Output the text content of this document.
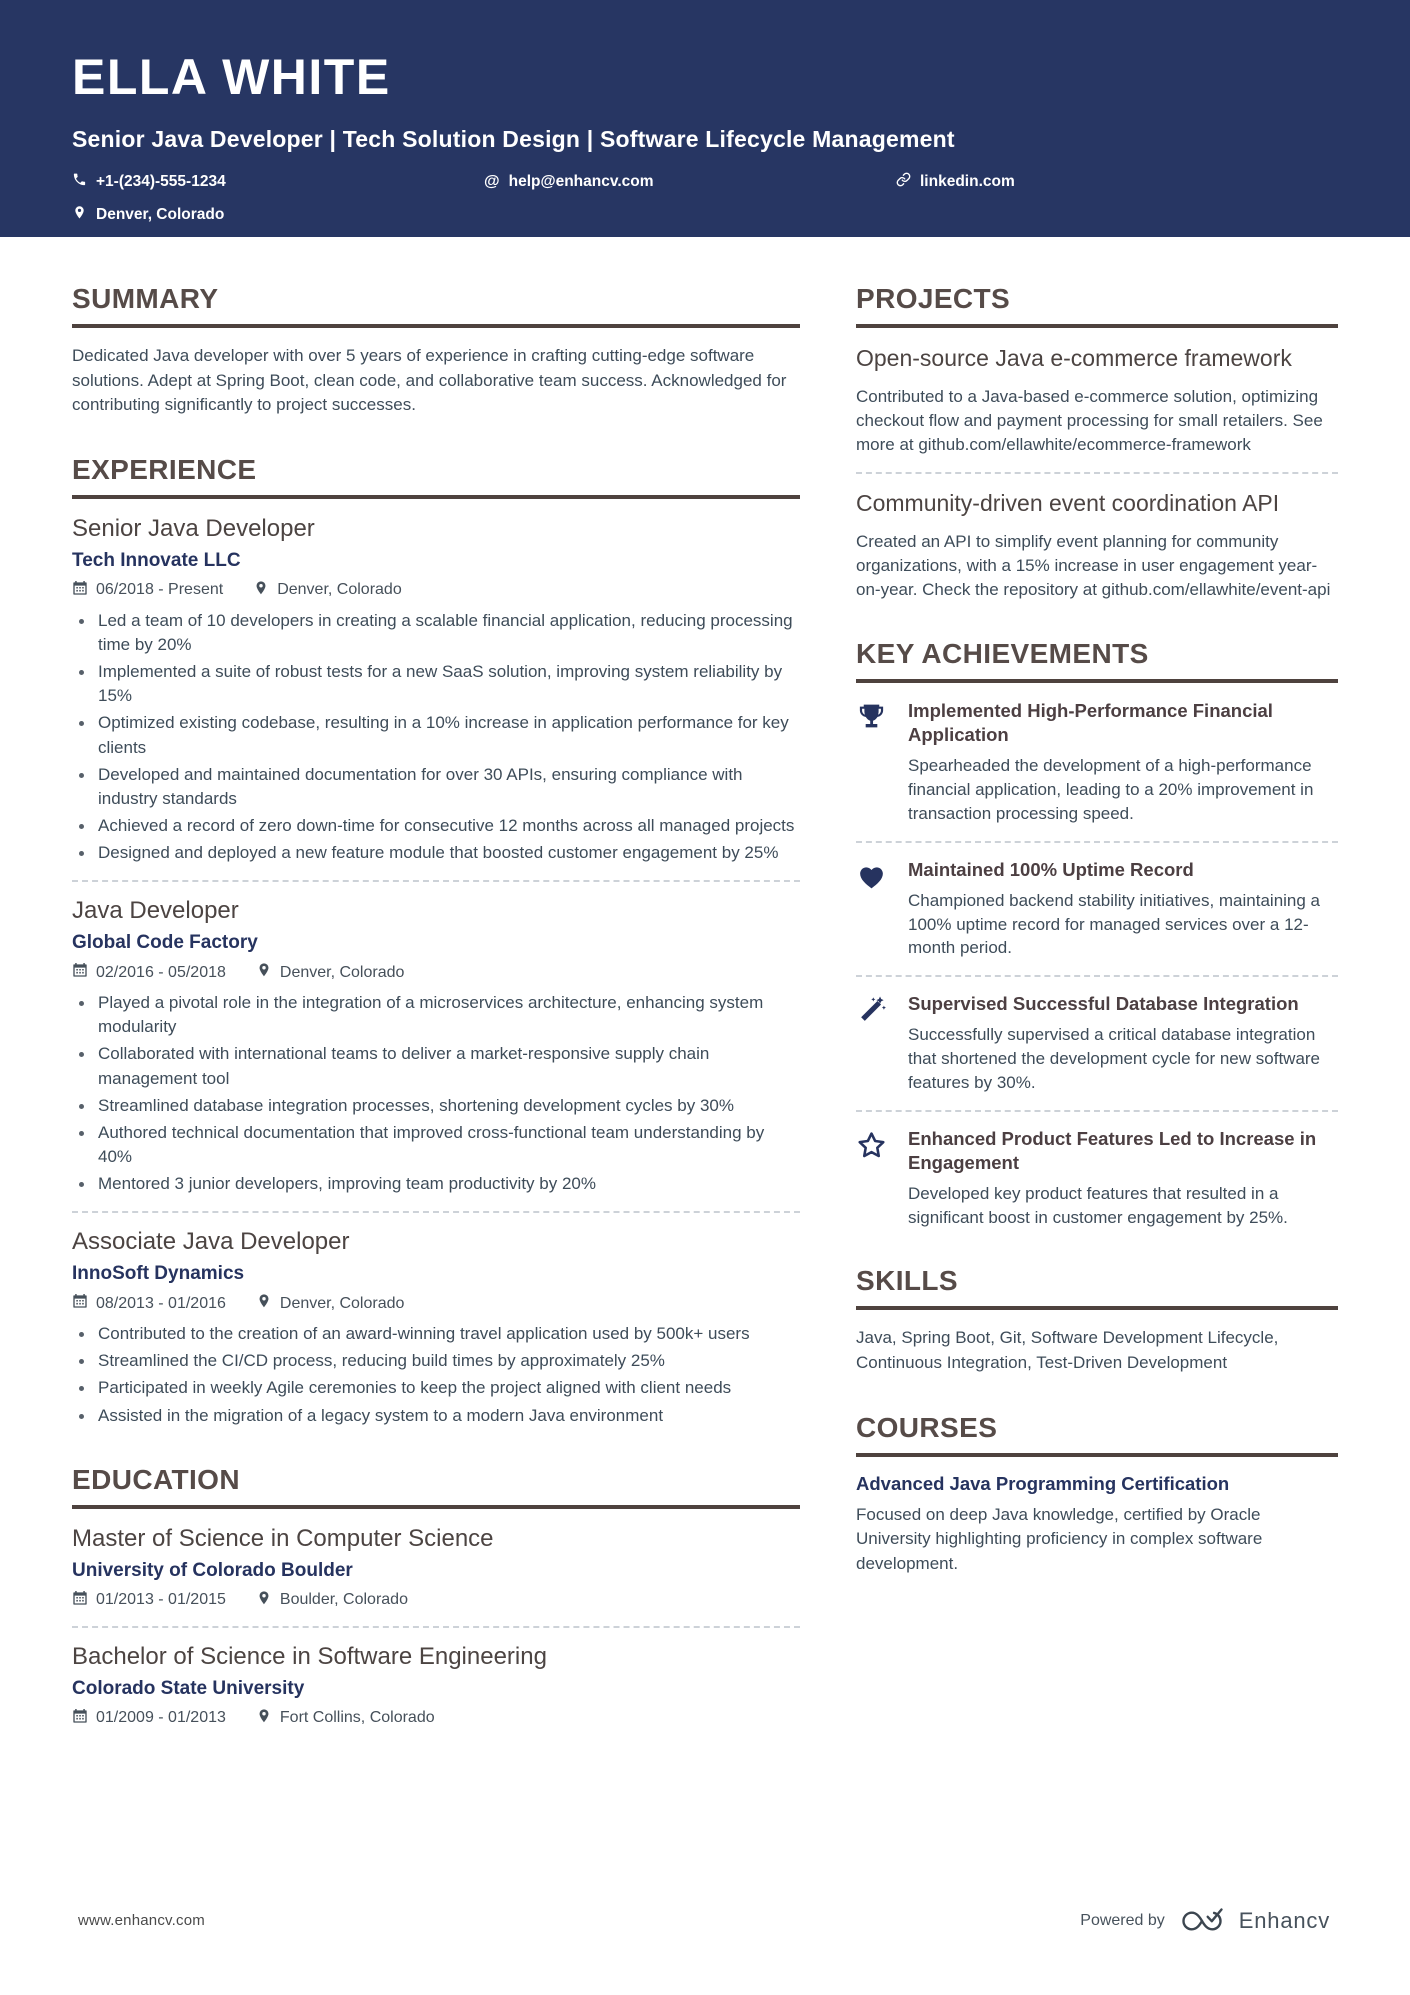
ELLA WHITE
Senior Java Developer | Tech Solution Design | Software Lifecycle Management
+1-(234)-555-1234	@ help@enhancv.com	linkedin.com
Denver, Colorado
SUMMARY
Dedicated Java developer with over 5 years of experience in crafting cutting-edge software solutions. Adept at Spring Boot, clean code, and collaborative team success. Acknowledged for contributing significantly to project successes.
EXPERIENCE
Senior Java Developer
Tech Innovate LLC
06/2018 - Present	Denver, Colorado
Led a team of 10 developers in creating a scalable financial application, reducing processing time by 20%
Implemented a suite of robust tests for a new SaaS solution, improving system reliability by 15%
Optimized existing codebase, resulting in a 10% increase in application performance for key clients
Developed and maintained documentation for over 30 APIs, ensuring compliance with industry standards
Achieved a record of zero down-time for consecutive 12 months across all managed projects
Designed and deployed a new feature module that boosted customer engagement by 25%
Java Developer
Global Code Factory
02/2016 - 05/2018	Denver, Colorado
Played a pivotal role in the integration of a microservices architecture, enhancing system modularity
Collaborated with international teams to deliver a market-responsive supply chain management tool
Streamlined database integration processes, shortening development cycles by 30%
Authored technical documentation that improved cross-functional team understanding by 40%
Mentored 3 junior developers, improving team productivity by 20%
Associate Java Developer
InnoSoft Dynamics
08/2013 - 01/2016	Denver, Colorado
Contributed to the creation of an award-winning travel application used by 500k+ users
Streamlined the CI/CD process, reducing build times by approximately 25%
Participated in weekly Agile ceremonies to keep the project aligned with client needs
Assisted in the migration of a legacy system to a modern Java environment
EDUCATION
Master of Science in Computer Science
University of Colorado Boulder
01/2013 - 01/2015	Boulder, Colorado
Bachelor of Science in Software Engineering
Colorado State University
01/2009 - 01/2013	Fort Collins, Colorado
PROJECTS
Open-source Java e-commerce framework
Contributed to a Java-based e-commerce solution, optimizing checkout flow and payment processing for small retailers. See more at github.com/ellawhite/ecommerce-framework
Community-driven event coordination API
Created an API to simplify event planning for community organizations, with a 15% increase in user engagement year-on-year. Check the repository at github.com/ellawhite/event-api
KEY ACHIEVEMENTS
Implemented High-Performance Financial Application
Spearheaded the development of a high-performance financial application, leading to a 20% improvement in transaction processing speed.
Maintained 100% Uptime Record
Championed backend stability initiatives, maintaining a 100% uptime record for managed services over a 12-month period.
Supervised Successful Database Integration
Successfully supervised a critical database integration that shortened the development cycle for new software features by 30%.
Enhanced Product Features Led to Increase in Engagement
Developed key product features that resulted in a significant boost in customer engagement by 25%.
SKILLS
Java, Spring Boot, Git, Software Development Lifecycle, Continuous Integration, Test-Driven Development
COURSES
Advanced Java Programming Certification
Focused on deep Java knowledge, certified by Oracle University highlighting proficiency in complex software development.
www.enhancv.com	Powered by	Enhancv
